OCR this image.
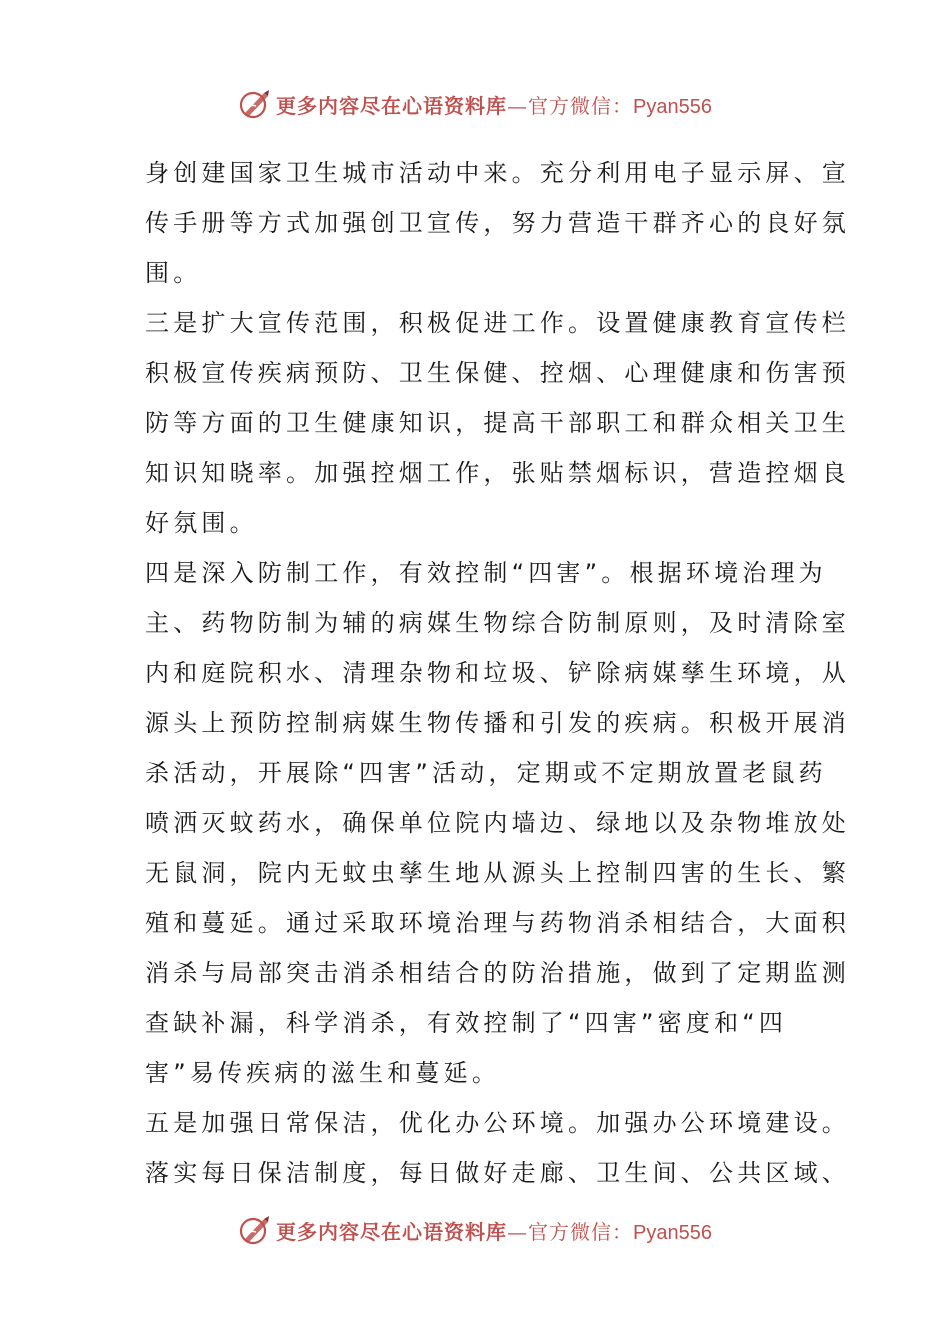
更多内容尽在心语资料库—官方微信：Pyan556
身创建国家卫生城市活动中来。充分利用电子显示屏、宣
传手册等方式加强创卫宣传，努力营造干群齐心的良好氛
围。
三是扩大宣传范围，积极促进工作。设置健康教育宣传栏
积极宣传疾病预防、卫生保健、控烟、心理健康和伤害预
防等方面的卫生健康知识，提高干部职工和群众相关卫生
知识知晓率。加强控烟工作，张贴禁烟标识，营造控烟良
好氛围。
四是深入防制工作，有效控制“四害”。根据环境治理为
主、药物防制为辅的病媒生物综合防制原则，及时清除室
内和庭院积水、清理杂物和垃圾、铲除病媒孳生环境，从
源头上预防控制病媒生物传播和引发的疾病。积极开展消
杀活动，开展除“四害”活动，定期或不定期放置老鼠药
喷洒灭蚊药水，确保单位院内墙边、绿地以及杂物堆放处
无鼠洞，院内无蚊虫孳生地从源头上控制四害的生长、繁
殖和蔓延。通过采取环境治理与药物消杀相结合，大面积
消杀与局部突击消杀相结合的防治措施，做到了定期监测
查缺补漏，科学消杀，有效控制了“四害”密度和“四
害”易传疾病的滋生和蔓延。
五是加强日常保洁，优化办公环境。加强办公环境建设。
落实每日保洁制度，每日做好走廊、卫生间、公共区域、
更多内容尽在心语资料库—官方微信：Pyan556
